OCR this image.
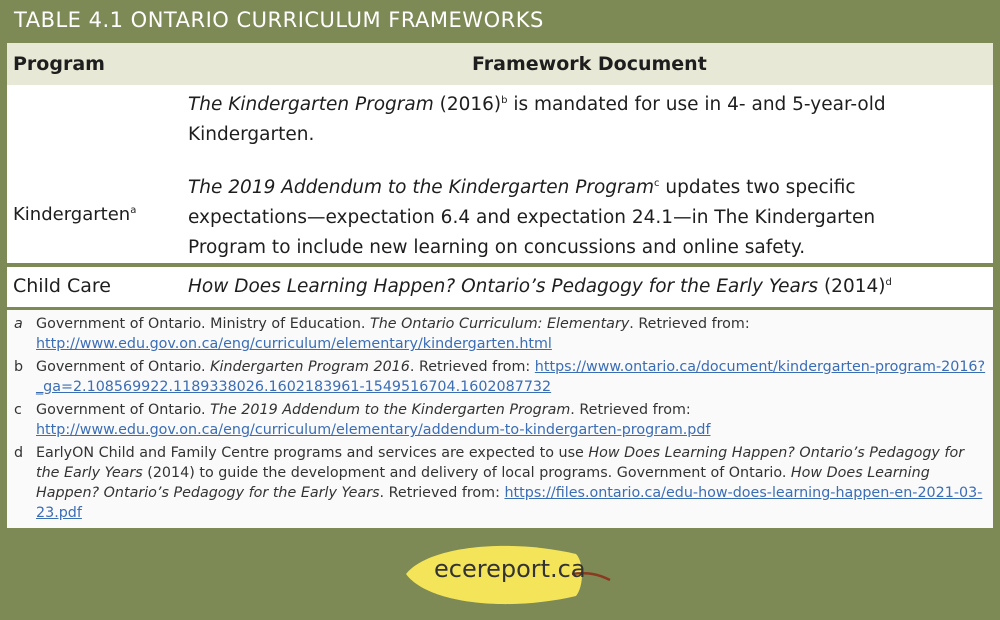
TABLE 4.1 ONTARIO CURRICULUM FRAMEWORKS
Program	Framework Document
Kindergarten$^a$
The Kindergarten Program $(2016)^b$ is mandated for use in 4- and 5-year-old Kindergarten.
The 2019 Addendum to the Kindergarten Program$^c$ updates two specific expectations—expectation 6.4 and expectation 24.1—in The Kindergarten Program to include new learning on concussions and online safety.
Child Care	How Does Learning Happen? Ontario’s Pedagogy for the Early Years $(2014)^d$
a Government of Ontario. Ministry of Education. The Ontario Curriculum: Elementary. Retrieved from: http://www.edu.gov.on.ca/eng/curriculum/elementary/kindergarten.html
b Government of Ontario. Kindergarten Program 2016. Retrieved from: https://www.ontario.ca/document/kindergarten-program-2016?_ga=2.108569922.1189338026.1602183961-1549516704.1602087732
c Government of Ontario. The 2019 Addendum to the Kindergarten Program. Retrieved from: http://www.edu.gov.on.ca/eng/curriculum/elementary/addendum-to-kindergarten-program.pdf
d EarlyON Child and Family Centre programs and services are expected to use How Does Learning Happen? Ontario’s Pedagogy for the Early Years (2014) to guide the development and delivery of local programs. Government of Ontario. How Does Learning Happen? Ontario’s Pedagogy for the Early Years. Retrieved from: https://files.ontario.ca/edu-how-does-learning-happen-en-2021-03-23.pdf
ecereport.ca
